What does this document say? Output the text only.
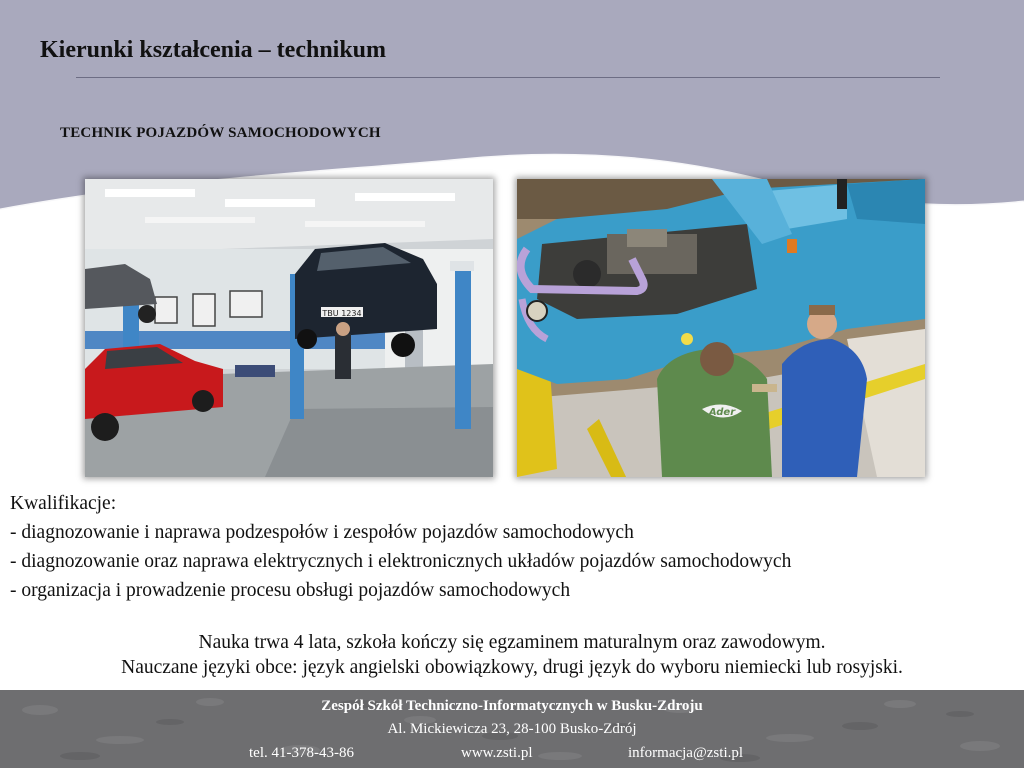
Kierunki kształcenia – technikum
TECHNIK POJAZDÓW SAMOCHODOWYCH
TBU 1234
Ader
Kwalifikacje:
- diagnozowanie i naprawa podzespołów i zespołów pojazdów samochodowych
- diagnozowanie oraz naprawa elektrycznych i elektronicznych układów pojazdów samochodowych
- organizacja i prowadzenie procesu obsługi pojazdów samochodowych
Nauka trwa 4 lata, szkoła kończy się egzaminem maturalnym oraz zawodowym.
Nauczane języki obce: język angielski obowiązkowy, drugi język do wyboru niemiecki lub rosyjski.
Zespół Szkół Techniczno-Informatycznych w Busku-Zdroju
Al. Mickiewicza 23, 28-100 Busko-Zdrój
tel. 41-378-43-86	www.zsti.pl	informacja@zsti.pl
